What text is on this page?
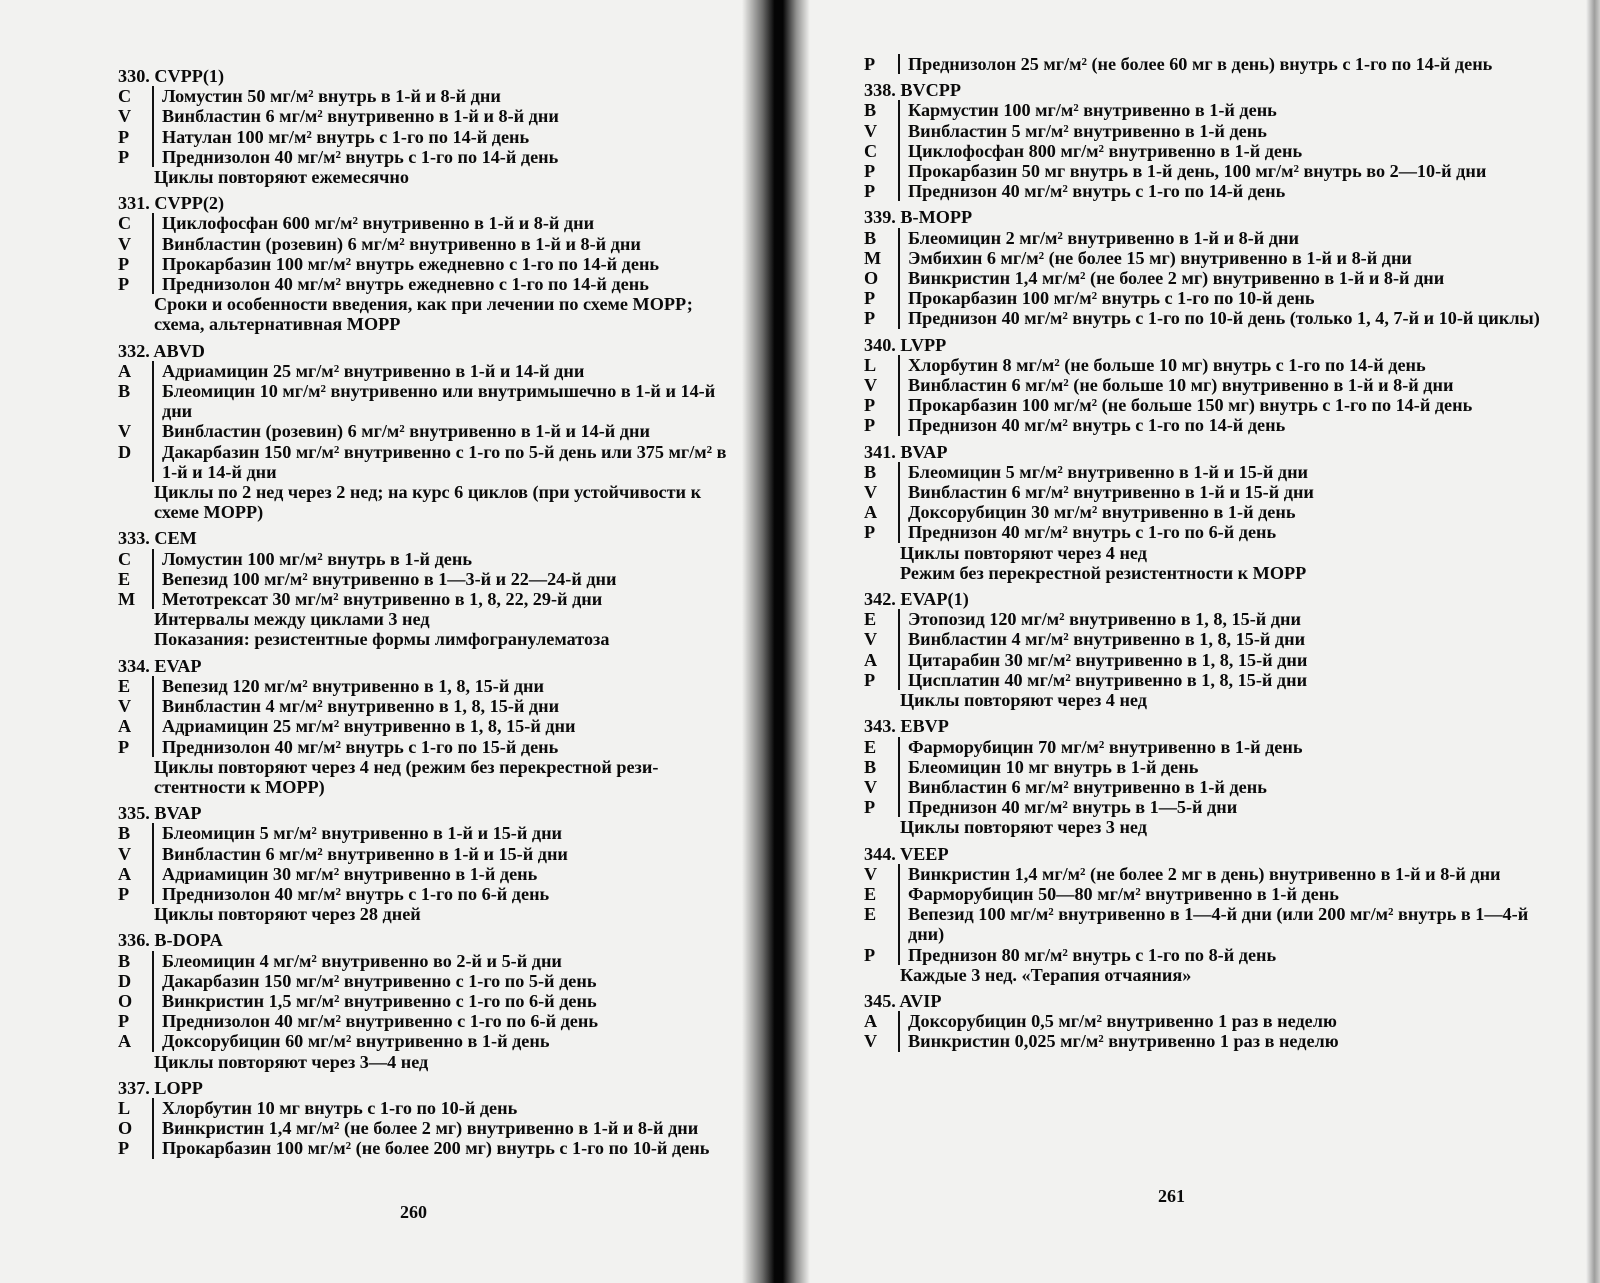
330. CVPP(1)
C	Ломустин 50 мг/м² внутрь в 1-й и 8-й дни
V	Винбластин 6 мг/м² внутривенно в 1-й и 8-й дни
P	Натулан 100 мг/м² внутрь с 1-го по 14-й день
P	Преднизолон 40 мг/м² внутрь с 1-го по 14-й день
Циклы повторяют ежемесячно
331. CVPP(2)
C	Циклофосфан 600 мг/м² внутривенно в 1-й и 8-й дни
V	Винбластин (розевин) 6 мг/м² внутривенно в 1-й и 8-й дни
P	Прокарбазин 100 мг/м² внутрь ежедневно с 1-го по 14-й день
P	Преднизолон 40 мг/м² внутрь ежедневно с 1-го по 14-й день
Сроки и особенности введения, как при лечении по схеме МОРР;
схема, альтернативная МОРР
332. ABVD
A	Адриамицин 25 мг/м² внутривенно в 1-й и 14-й дни
B	Блеомицин 10 мг/м² внутривенно или внутримышечно в 1-й и 14-й дни
V	Винбластин (розевин) 6 мг/м² внутривенно в 1-й и 14-й дни
D	Дакарбазин 150 мг/м² внутривенно с 1-го по 5-й день или 375 мг/м² в 1-й и 14-й дни
Циклы по 2 нед через 2 нед; на курс 6 циклов (при устойчивости к схеме МОРР)
333. CEM
C	Ломустин 100 мг/м² внутрь в 1-й день
E	Вепезид 100 мг/м² внутривенно в 1—3-й и 22—24-й дни
M	Метотрексат 30 мг/м² внутривенно в 1, 8, 22, 29-й дни
Интервалы между циклами 3 нед
Показания: резистентные формы лимфогранулематоза
334. EVAP
E	Вепезид 120 мг/м² внутривенно в 1, 8, 15-й дни
V	Винбластин 4 мг/м² внутривенно в 1, 8, 15-й дни
A	Адриамицин 25 мг/м² внутривенно в 1, 8, 15-й дни
P	Преднизолон 40 мг/м² внутрь с 1-го по 15-й день
Циклы повторяют через 4 нед (режим без перекрестной рези-стентности к МОРР)
335. BVAP
B	Блеомицин 5 мг/м² внутривенно в 1-й и 15-й дни
V	Винбластин 6 мг/м² внутривенно в 1-й и 15-й дни
A	Адриамицин 30 мг/м² внутривенно в 1-й день
P	Преднизолон 40 мг/м² внутрь с 1-го по 6-й день
Циклы повторяют через 28 дней
336. B-DOPA
B	Блеомицин 4 мг/м² внутривенно во 2-й и 5-й дни
D	Дакарбазин 150 мг/м² внутривенно с 1-го по 5-й день
O	Винкристин 1,5 мг/м² внутривенно с 1-го по 6-й день
P	Преднизолон 40 мг/м² внутривенно с 1-го по 6-й день
A	Доксорубицин 60 мг/м² внутривенно в 1-й день
Циклы повторяют через 3—4 нед
337. LOPP
L	Хлорбутин 10 мг внутрь с 1-го по 10-й день
O	Винкристин 1,4 мг/м² (не более 2 мг) внутривенно в 1-й и 8-й дни
P	Прокарбазин 100 мг/м² (не более 200 мг) внутрь с 1-го по 10-й день
260
P	Преднизолон 25 мг/м² (не более 60 мг в день) внутрь с 1-го по 14-й день
338. BVCPP
B	Кармустин 100 мг/м² внутривенно в 1-й день
V	Винбластин 5 мг/м² внутривенно в 1-й день
C	Циклофосфан 800 мг/м² внутривенно в 1-й день
P	Прокарбазин 50 мг внутрь в 1-й день, 100 мг/м² внутрь во 2—10-й дни
P	Преднизон 40 мг/м² внутрь с 1-го по 14-й день
339. B-MOPP
B	Блеомицин 2 мг/м² внутривенно в 1-й и 8-й дни
M	Эмбихин 6 мг/м² (не более 15 мг) внутривенно в 1-й и 8-й дни
O	Винкристин 1,4 мг/м² (не более 2 мг) внутривенно в 1-й и 8-й дни
P	Прокарбазин 100 мг/м² внутрь с 1-го по 10-й день
P	Преднизон 40 мг/м² внутрь с 1-го по 10-й день (только 1, 4, 7-й и 10-й циклы)
340. LVPP
L	Хлорбутин 8 мг/м² (не больше 10 мг) внутрь с 1-го по 14-й день
V	Винбластин 6 мг/м² (не больше 10 мг) внутривенно в 1-й и 8-й дни
P	Прокарбазин 100 мг/м² (не больше 150 мг) внутрь с 1-го по 14-й день
P	Преднизон 40 мг/м² внутрь с 1-го по 14-й день
341. BVAP
B	Блеомицин 5 мг/м² внутривенно в 1-й и 15-й дни
V	Винбластин 6 мг/м² внутривенно в 1-й и 15-й дни
A	Доксорубицин 30 мг/м² внутривенно в 1-й день
P	Преднизон 40 мг/м² внутрь с 1-го по 6-й день
Циклы повторяют через 4 нед
Режим без перекрестной резистентности к МОРР
342. EVAP(1)
E	Этопозид 120 мг/м² внутривенно в 1, 8, 15-й дни
V	Винбластин 4 мг/м² внутривенно в 1, 8, 15-й дни
A	Цитарабин 30 мг/м² внутривенно в 1, 8, 15-й дни
P	Цисплатин 40 мг/м² внутривенно в 1, 8, 15-й дни
Циклы повторяют через 4 нед
343. EBVP
E	Фарморубицин 70 мг/м² внутривенно в 1-й день
B	Блеомицин 10 мг внутрь в 1-й день
V	Винбластин 6 мг/м² внутривенно в 1-й день
P	Преднизон 40 мг/м² внутрь в 1—5-й дни
Циклы повторяют через 3 нед
344. VEEP
V	Винкристин 1,4 мг/м² (не более 2 мг в день) внутривенно в 1-й и 8-й дни
E	Фарморубицин 50—80 мг/м² внутривенно в 1-й день
E	Вепезид 100 мг/м² внутривенно в 1—4-й дни (или 200 мг/м² внутрь в 1—4-й дни)
P	Преднизон 80 мг/м² внутрь с 1-го по 8-й день
Каждые 3 нед. «Терапия отчаяния»
345. AVIP
A	Доксорубицин 0,5 мг/м² внутривенно 1 раз в неделю
V	Винкристин 0,025 мг/м² внутривенно 1 раз в неделю
261
